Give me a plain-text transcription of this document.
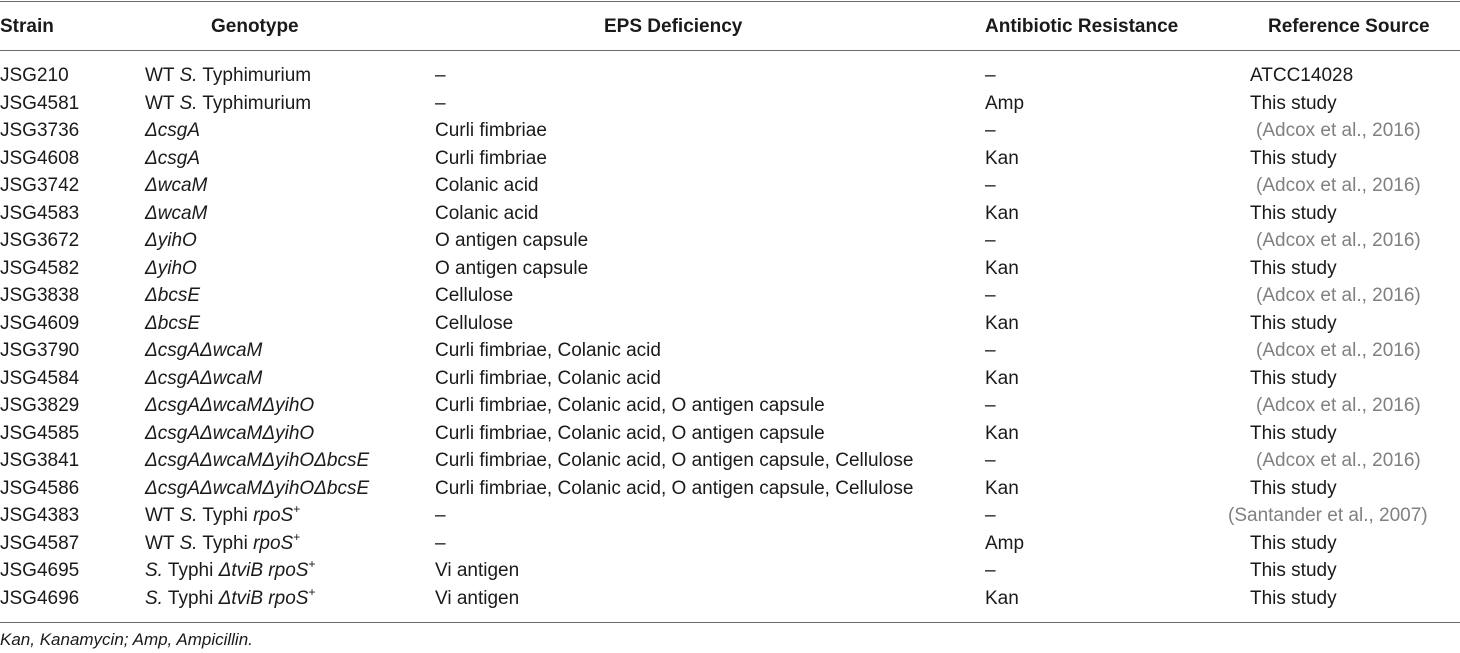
Strain	Genotype	EPS Deficiency	Antibiotic Resistance	Reference Source
JSG210	WT S. Typhimurium	–	–	ATCC14028
JSG4581	WT S. Typhimurium	–	Amp	This study
JSG3736	ΔcsgA	Curli fimbriae	–	(Adcox et al., 2016)
JSG4608	ΔcsgA	Curli fimbriae	Kan	This study
JSG3742	ΔwcaM	Colanic acid	–	(Adcox et al., 2016)
JSG4583	ΔwcaM	Colanic acid	Kan	This study
JSG3672	ΔyihO	O antigen capsule	–	(Adcox et al., 2016)
JSG4582	ΔyihO	O antigen capsule	Kan	This study
JSG3838	ΔbcsE	Cellulose	–	(Adcox et al., 2016)
JSG4609	ΔbcsE	Cellulose	Kan	This study
JSG3790	ΔcsgAΔwcaM	Curli fimbriae, Colanic acid	–	(Adcox et al., 2016)
JSG4584	ΔcsgAΔwcaM	Curli fimbriae, Colanic acid	Kan	This study
JSG3829	ΔcsgAΔwcaMΔyihO	Curli fimbriae, Colanic acid, O antigen capsule	–	(Adcox et al., 2016)
JSG4585	ΔcsgAΔwcaMΔyihO	Curli fimbriae, Colanic acid, O antigen capsule	Kan	This study
JSG3841	ΔcsgAΔwcaMΔyihOΔbcsE	Curli fimbriae, Colanic acid, O antigen capsule, Cellulose	–	(Adcox et al., 2016)
JSG4586	ΔcsgAΔwcaMΔyihOΔbcsE	Curli fimbriae, Colanic acid, O antigen capsule, Cellulose	Kan	This study
JSG4383	WT S. Typhi rpoS+	–	–	(Santander et al., 2007)
JSG4587	WT S. Typhi rpoS+	–	Amp	This study
JSG4695	S. Typhi ΔtviB rpoS+	Vi antigen	–	This study
JSG4696	S. Typhi ΔtviB rpoS+	Vi antigen	Kan	This study
Kan, Kanamycin; Amp, Ampicillin.
